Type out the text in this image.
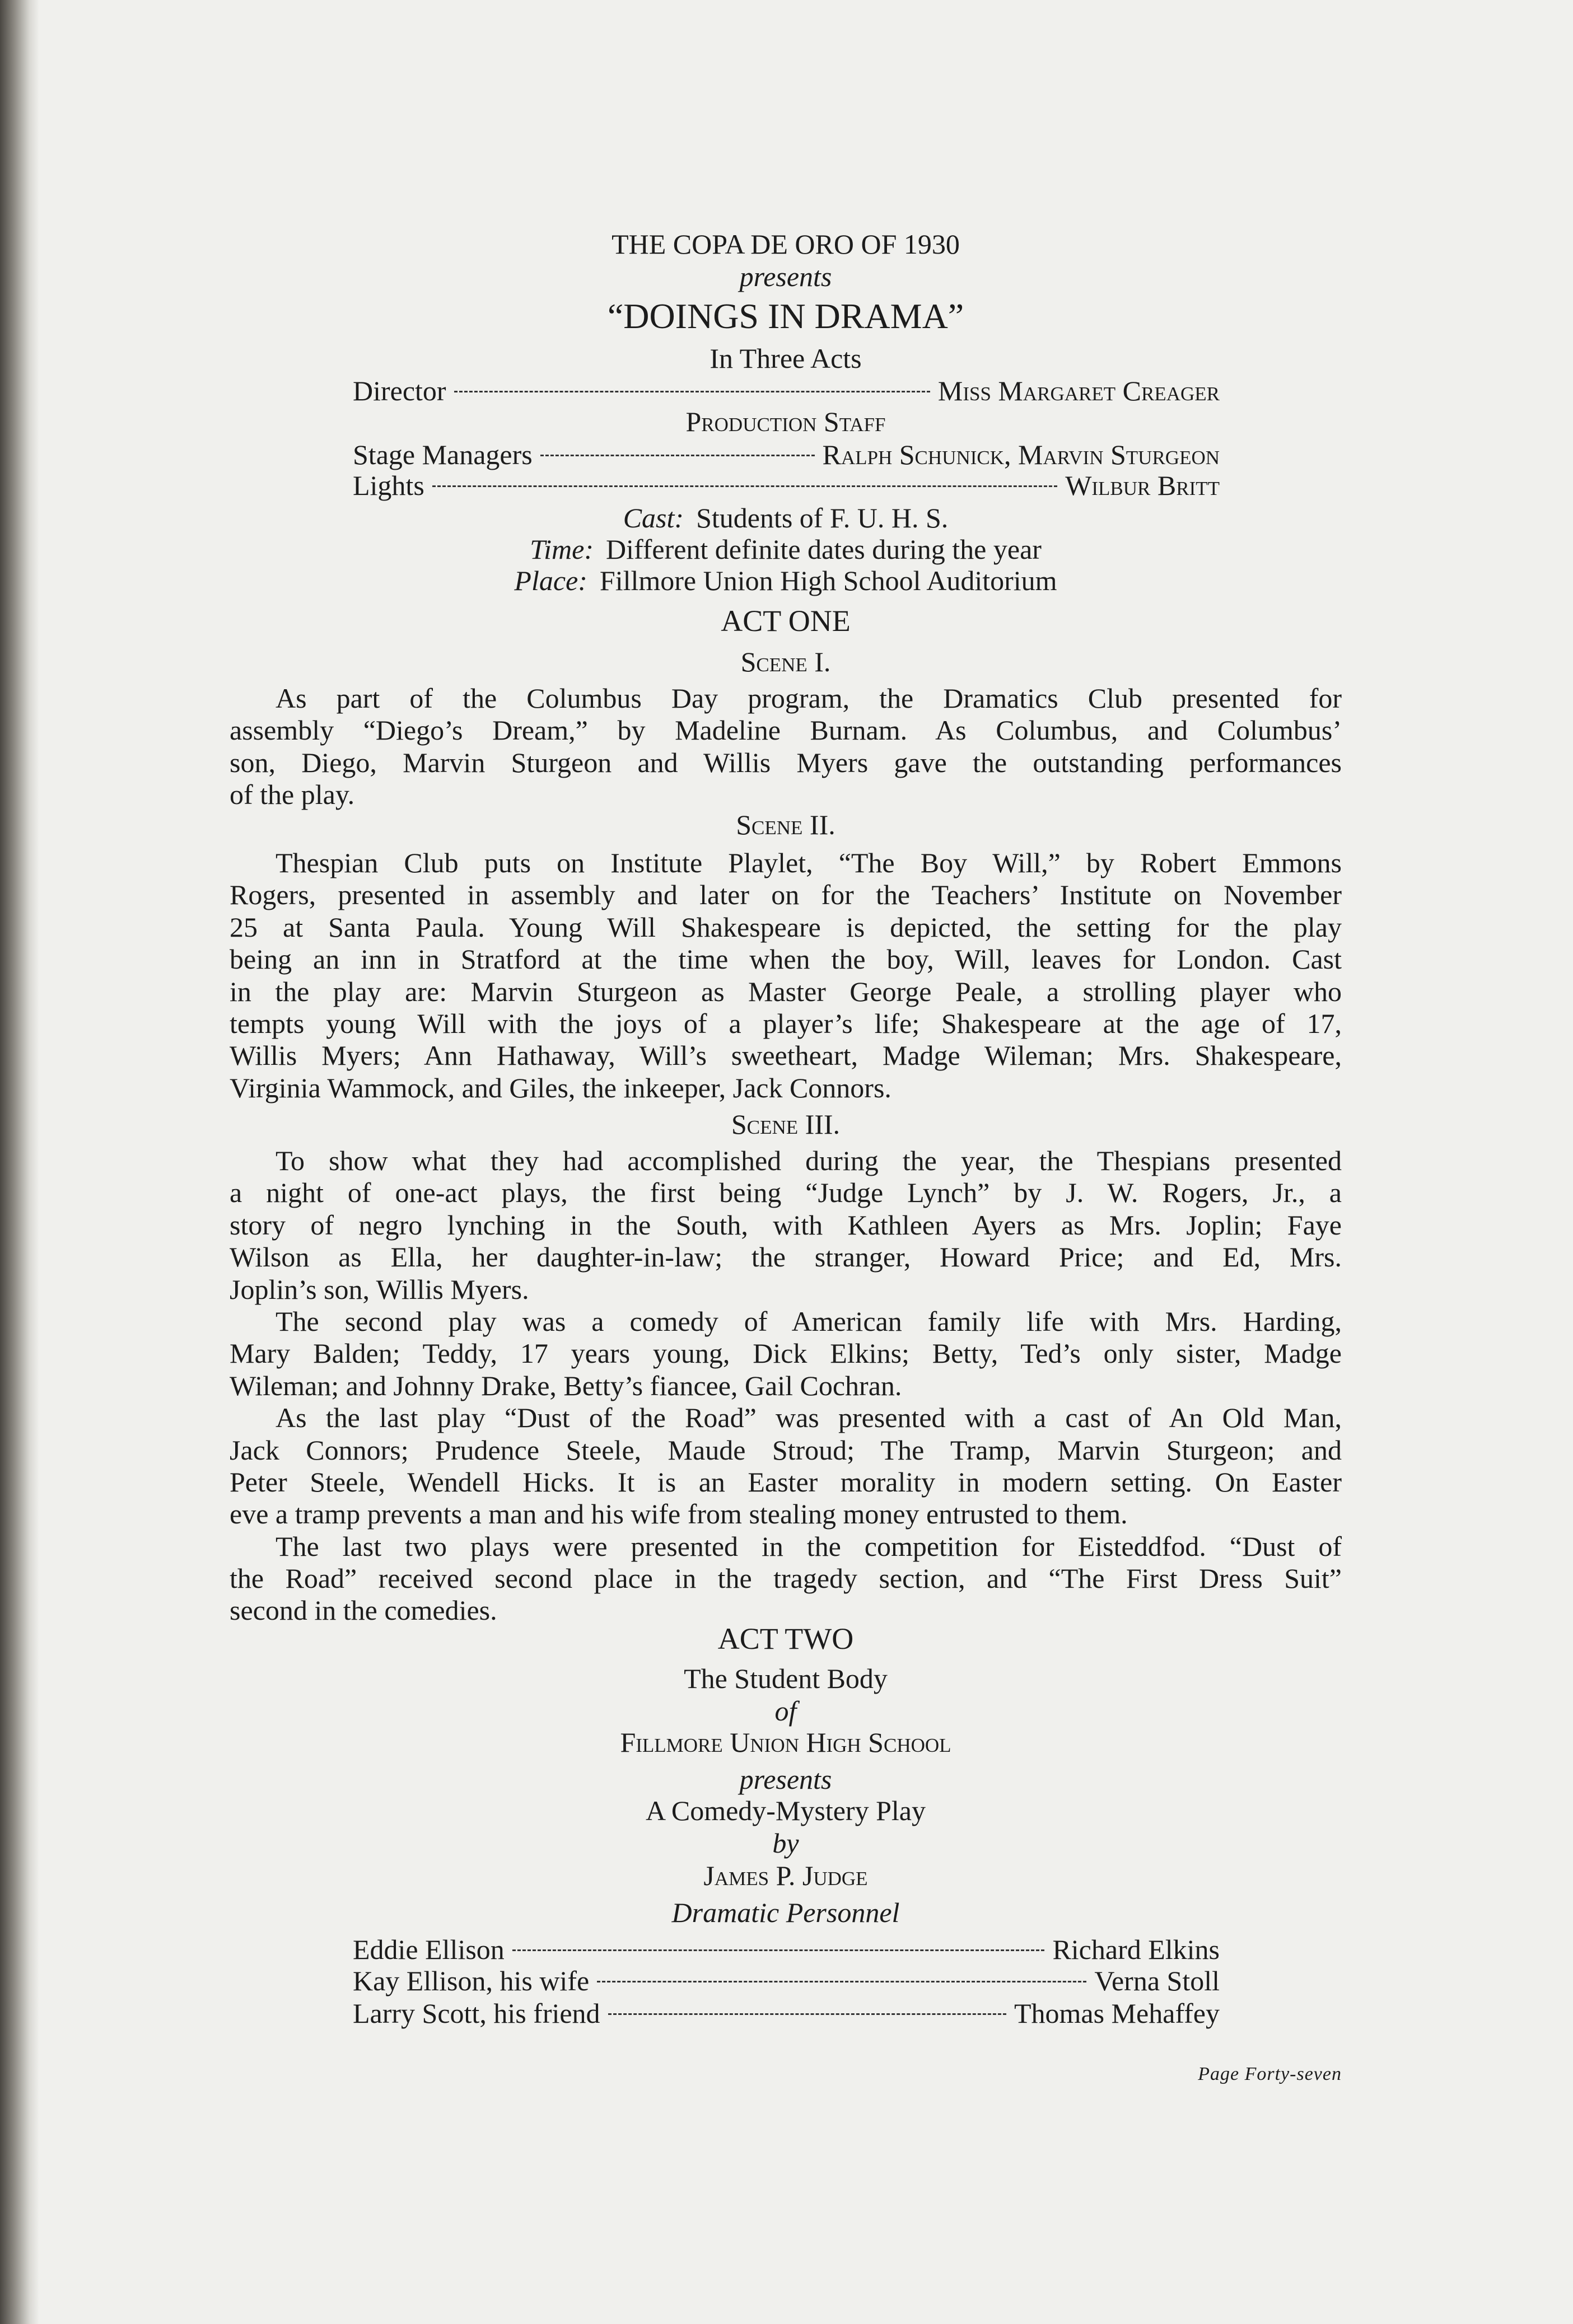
THE COPA DE ORO OF 1930
presents
“DOINGS IN DRAMA”
In Three Acts
Director	Miss Margaret Creager
Production Staff
Stage Managers	Ralph Schunick, Marvin Sturgeon
Lights	Wilbur Britt
Cast: Students of F. U. H. S.
Time: Different definite dates during the year
Place: Fillmore Union High School Auditorium
ACT ONE
Scene I.
As part of the Columbus Day program, the Dramatics Club presented for
assembly “Diego’s Dream,” by Madeline Burnam. As Columbus, and Columbus’
son, Diego, Marvin Sturgeon and Willis Myers gave the outstanding performances
of the play.
Scene II.
Thespian Club puts on Institute Playlet, “The Boy Will,” by Robert Emmons
Rogers, presented in assembly and later on for the Teachers’ Institute on November
25 at Santa Paula. Young Will Shakespeare is depicted, the setting for the play
being an inn in Stratford at the time when the boy, Will, leaves for London. Cast
in the play are: Marvin Sturgeon as Master George Peale, a strolling player who
tempts young Will with the joys of a player’s life; Shakespeare at the age of 17,
Willis Myers; Ann Hathaway, Will’s sweetheart, Madge Wileman; Mrs. Shakespeare,
Virginia Wammock, and Giles, the inkeeper, Jack Connors.
Scene III.
To show what they had accomplished during the year, the Thespians presented
a night of one-act plays, the first being “Judge Lynch” by J. W. Rogers, Jr., a
story of negro lynching in the South, with Kathleen Ayers as Mrs. Joplin; Faye
Wilson as Ella, her daughter-in-law; the stranger, Howard Price; and Ed, Mrs.
Joplin’s son, Willis Myers.
The second play was a comedy of American family life with Mrs. Harding,
Mary Balden; Teddy, 17 years young, Dick Elkins; Betty, Ted’s only sister, Madge
Wileman; and Johnny Drake, Betty’s fiancee, Gail Cochran.
As the last play “Dust of the Road” was presented with a cast of An Old Man,
Jack Connors; Prudence Steele, Maude Stroud; The Tramp, Marvin Sturgeon; and
Peter Steele, Wendell Hicks. It is an Easter morality in modern setting. On Easter
eve a tramp prevents a man and his wife from stealing money entrusted to them.
The last two plays were presented in the competition for Eisteddfod. “Dust of
the Road” received second place in the tragedy section, and “The First Dress Suit”
second in the comedies.
ACT TWO
The Student Body
of
Fillmore Union High School
presents
A Comedy-Mystery Play
by
James P. Judge
Dramatic Personnel
Eddie Ellison	Richard Elkins
Kay Ellison, his wife	Verna Stoll
Larry Scott, his friend	Thomas Mehaffey
Page Forty-seven
